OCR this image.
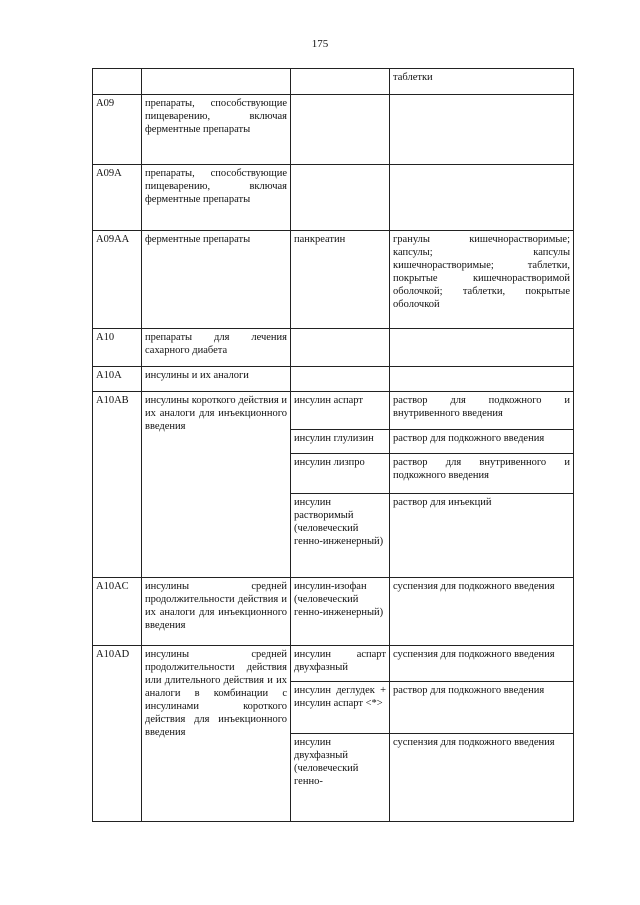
175
			таблетки
A09	препараты, способствующие пищеварению, включая ферментные препараты		
A09A	препараты, способствующие пищеварению, включая ферментные препараты		
A09AA	ферментные препараты	панкреатин	гранулы кишечнорастворимые; капсулы; капсулы кишечнорастворимые; таблетки, покрытые кишечнорастворимой оболочкой; таблетки, покрытые оболочкой
A10	препараты для лечения сахарного диабета		
A10A	инсулины и их аналоги		
A10AB	инсулины короткого действия и их аналоги для инъекционного введения	инсулин аспарт	раствор для подкожного и внутривенного введения
		инсулин глулизин	раствор для подкожного введения
		инсулин лизпро	раствор для внутривенного и подкожного введения
		инсулин растворимый (человеческий генно-инженерный)	раствор для инъекций
A10AC	инсулины средней продолжительности действия и их аналоги для инъекционного введения	инсулин-изофан (человеческий генно-инженерный)	суспензия для подкожного введения
A10AD	инсулины средней продолжительности действия или длительного действия и их аналоги в комбинации с инсулинами короткого действия для инъекционного введения	инсулин аспарт двухфазный	суспензия для подкожного введения
		инсулин деглудек + инсулин аспарт <*>	раствор для подкожного введения
		инсулин двухфазный (человеческий генно-	суспензия для подкожного введения
